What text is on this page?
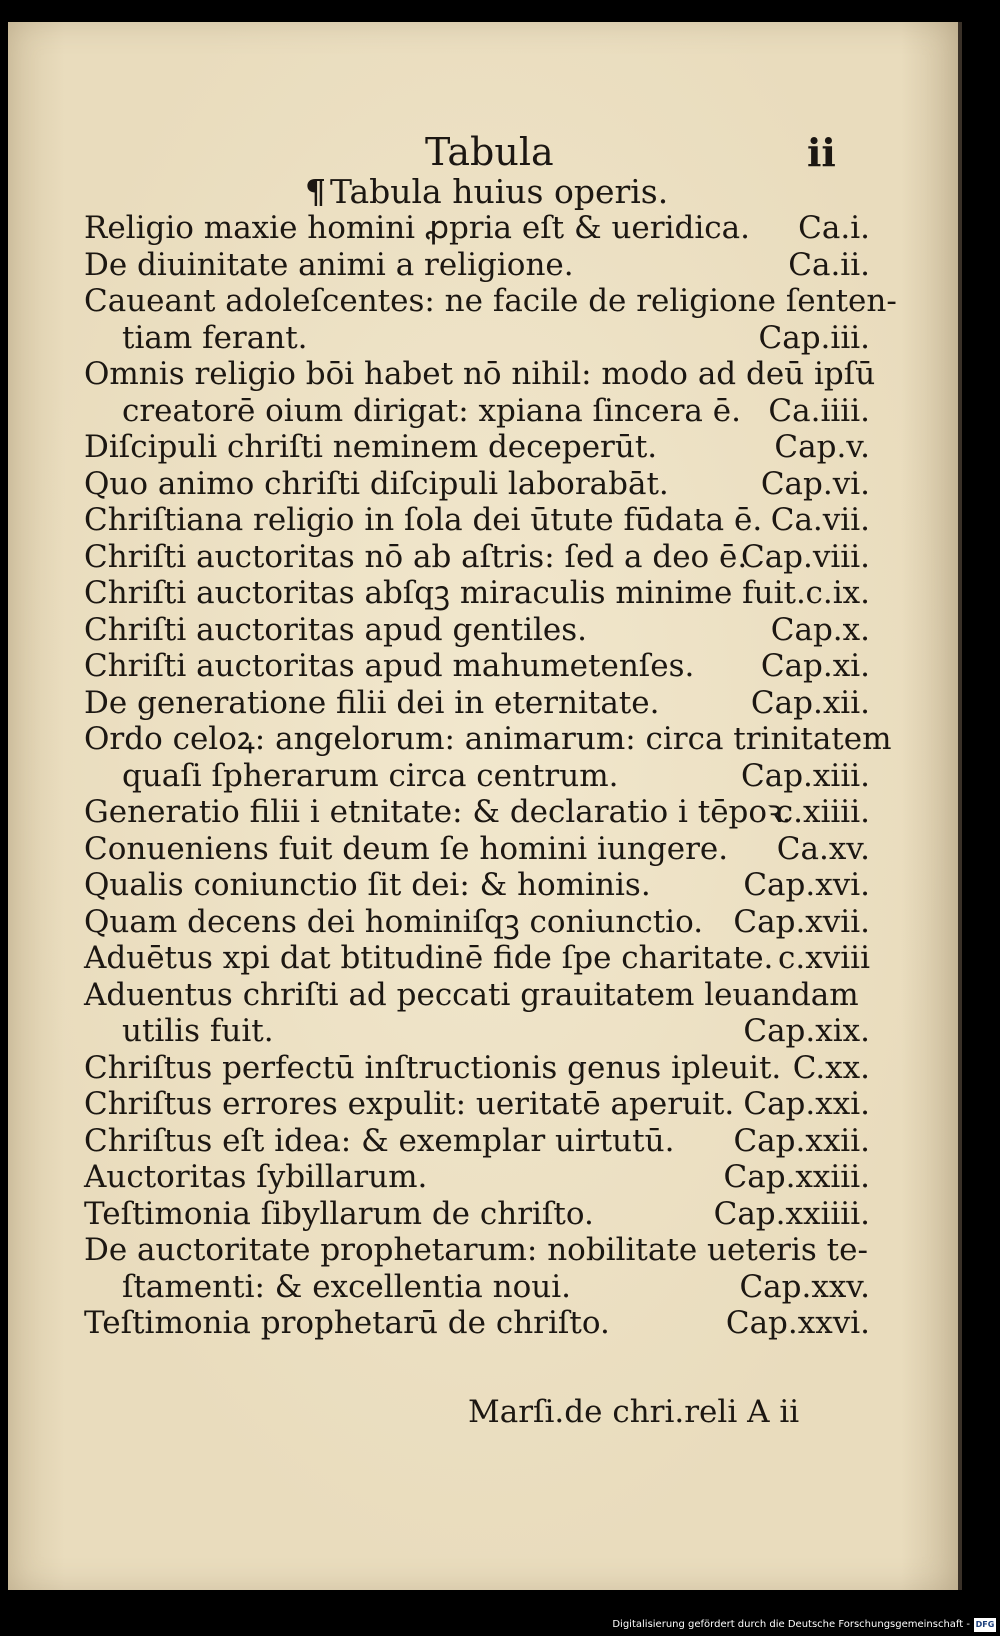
Tabula	ii
¶ Tabula huius operis.
Religio maxie homini ꝓpria eſt & ueridica. Ca.i.
De diuinitate animi a religione.	Ca.ii.
Caueant adoleſcentes: ne facile de religione ſenten-
tiam ferant.	Cap.iii.
Omnis religio bōi habet nō nihil: modo ad deū ipſū
creatorē oium dirigat: xpiana ſincera ē. Ca.iiii.
Diſcipuli chriſti neminem deceperūt.	Cap.v.
Quo animo chriſti diſcipuli laborabāt.	Cap.vi.
Chriſtiana religio in ſola dei ūtute fūdata ē. Ca.vii.
Chriſti auctoritas nō ab aſtris: ſed a deo ē.
Cap.viii.
Chriſti auctoritas abſqꝫ miraculis minime fuit. c.ix.
Chriſti auctoritas apud gentiles.	Cap.x.
Chriſti auctoritas apud mahumetenſes. Cap.xi.
De generatione filii dei in eternitate.	Cap.xii.
Ordo celoꝝ: angelorum: animarum: circa trinitatem
quaſi ſpherarum circa centrum.	Cap.xiii.
Generatio filii i etnitate: & declaratio i tēpoꝛ.
c.xiiii.
Conueniens fuit deum ſe homini iungere. Ca.xv.
Qualis coniunctio ſit dei: & hominis.	Cap.xvi.
Quam decens dei hominiſqꝫ coniunctio. Cap.xvii.
Aduētus xpi dat btitudinē fide ſpe charitate. c.xviii
Aduentus chriſti ad peccati grauitatem leuandam
utilis fuit.	Cap.xix.
Chriſtus perfectū inſtructionis genus ipleuit. C.xx.
Chriſtus errores expulit: ueritatē aperuit. Cap.xxi.
Chriſtus eſt idea: & exemplar uirtutū. Cap.xxii.
Auctoritas ſybillarum.	Cap.xxiii.
Teſtimonia ſibyllarum de chriſto.	Cap.xxiiii.
De auctoritate prophetarum: nobilitate ueteris te-
ſtamenti: & excellentia noui.	Cap.xxv.
Teſtimonia prophetarū de chriſto.	Cap.xxvi.
Marſi.de chri.reli A ii
Digitalisierung gefördert durch die Deutsche Forschungsgemeinschaft - DFG
